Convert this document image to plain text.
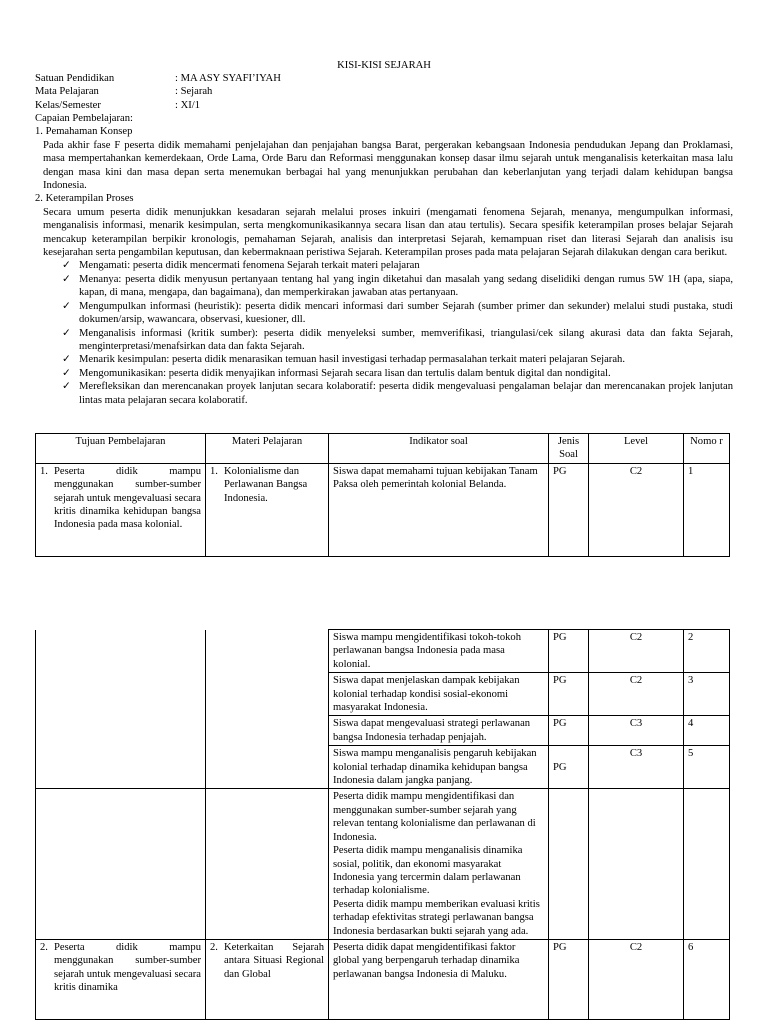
KISI-KISI SEJARAH
Satuan Pendidikan	: MA ASY SYAFI’IYAH
Mata Pelajaran	: Sejarah
Kelas/Semester	: XI/1

Capaian Pembelajaran:

1. Pemahaman Konsep

Pada akhir fase F peserta didik memahami penjelajahan dan penjajahan bangsa Barat, pergerakan kebangsaan Indonesia pendudukan Jepang dan Proklamasi, masa mempertahankan kemerdekaan, Orde Lama, Orde Baru dan Reformasi menggunakan konsep dasar ilmu sejarah untuk menganalisis keterkaitan masa lalu dengan masa kini dan masa depan serta menemukan berbagai hal yang menunjukkan perubahan dan keberlanjutan yang terjadi dalam kehidupan bangsa Indonesia.

2. Keterampilan Proses

Secara umum peserta didik menunjukkan kesadaran sejarah melalui proses inkuiri (mengamati fenomena Sejarah, menanya, mengumpulkan informasi, menganalisis informasi, menarik kesimpulan, serta mengkomunikasikannya secara lisan dan atau tertulis). Secara spesifik keterampilan proses belajar Sejarah mencakup keterampilan berpikir kronologis, pemahaman Sejarah, analisis dan interpretasi Sejarah, kemampuan riset dan literasi Sejarah dan analisis isu kesejarahan serta pengambilan keputusan, dan kebermaknaan peristiwa Sejarah. Keterampilan proses pada mata pelajaran Sejarah dilakukan dengan cara berikut.

✓ Mengamati: peserta didik mencermati fenomena Sejarah terkait materi pelajaran
✓ Menanya: peserta didik menyusun pertanyaan tentang hal yang ingin diketahui dan masalah yang sedang diselidiki dengan rumus 5W 1H (apa, siapa, kapan, di mana, mengapa, dan bagaimana), dan memperkirakan jawaban atas pertanyaan.
✓ Mengumpulkan informasi (heuristik): peserta didik mencari informasi dari sumber Sejarah (sumber primer dan sekunder) melalui studi pustaka, studi dokumen/arsip, wawancara, observasi, kuesioner, dll.
✓ Menganalisis informasi (kritik sumber): peserta didik menyeleksi sumber, memverifikasi, triangulasi/cek silang akurasi data dan fakta Sejarah, menginterpretasi/menafsirkan data dan fakta Sejarah.
✓ Menarik kesimpulan: peserta didik menarasikan temuan hasil investigasi terhadap permasalahan terkait materi pelajaran Sejarah.
✓ Mengomunikasikan: peserta didik menyajikan informasi Sejarah secara lisan dan tertulis dalam bentuk digital dan nondigital.
✓ Merefleksikan dan merencanakan proyek lanjutan secara kolaboratif: peserta didik mengevaluasi pengalaman belajar dan merencanakan projek lanjutan lintas mata pelajaran secara kolaboratif.
Tujuan Pembelajaran	Materi Pelajaran	Indikator soal	Jenis Soal	Level	Nomo r

1. Peserta didik mampu menggunakan sumber-sumber sejarah untuk mengevaluasi secara kritis dinamika kehidupan bangsa Indonesia pada masa kolonial.	1. Kolonialisme dan Perlawanan Bangsa Indonesia.	Siswa dapat memahami tujuan kebijakan Tanam Paksa oleh pemerintah kolonial Belanda.	PG	C2	1
		Siswa mampu mengidentifikasi tokoh-tokoh perlawanan bangsa Indonesia pada masa kolonial.	PG	C2	2
		Siswa dapat menjelaskan dampak kebijakan kolonial terhadap kondisi sosial-ekonomi masyarakat Indonesia.	PG	C2	3
		Siswa dapat mengevaluasi strategi perlawanan bangsa Indonesia terhadap penjajah.	PG	C3	4
		Siswa mampu menganalisis pengaruh kebijakan kolonial terhadap dinamika kehidupan bangsa Indonesia dalam jangka panjang.	PG	C3	5

		Peserta didik mampu mengidentifikasi dan menggunakan sumber-sumber sejarah yang relevan tentang kolonialisme dan perlawanan di Indonesia.
Peserta didik mampu menganalisis dinamika sosial, politik, dan ekonomi masyarakat Indonesia yang tercermin dalam perlawanan terhadap kolonialisme.
Peserta didik mampu memberikan evaluasi kritis terhadap efektivitas strategi perlawanan bangsa Indonesia berdasarkan bukti sejarah yang ada.			

2. Peserta didik mampu menggunakan sumber-sumber sejarah untuk mengevaluasi secara kritis dinamika	2. Keterkaitan Sejarah antara Situasi Regional dan Global	Peserta didik dapat mengidentifikasi faktor global yang berpengaruh terhadap dinamika perlawanan bangsa Indonesia di Maluku.	PG	C2	6
